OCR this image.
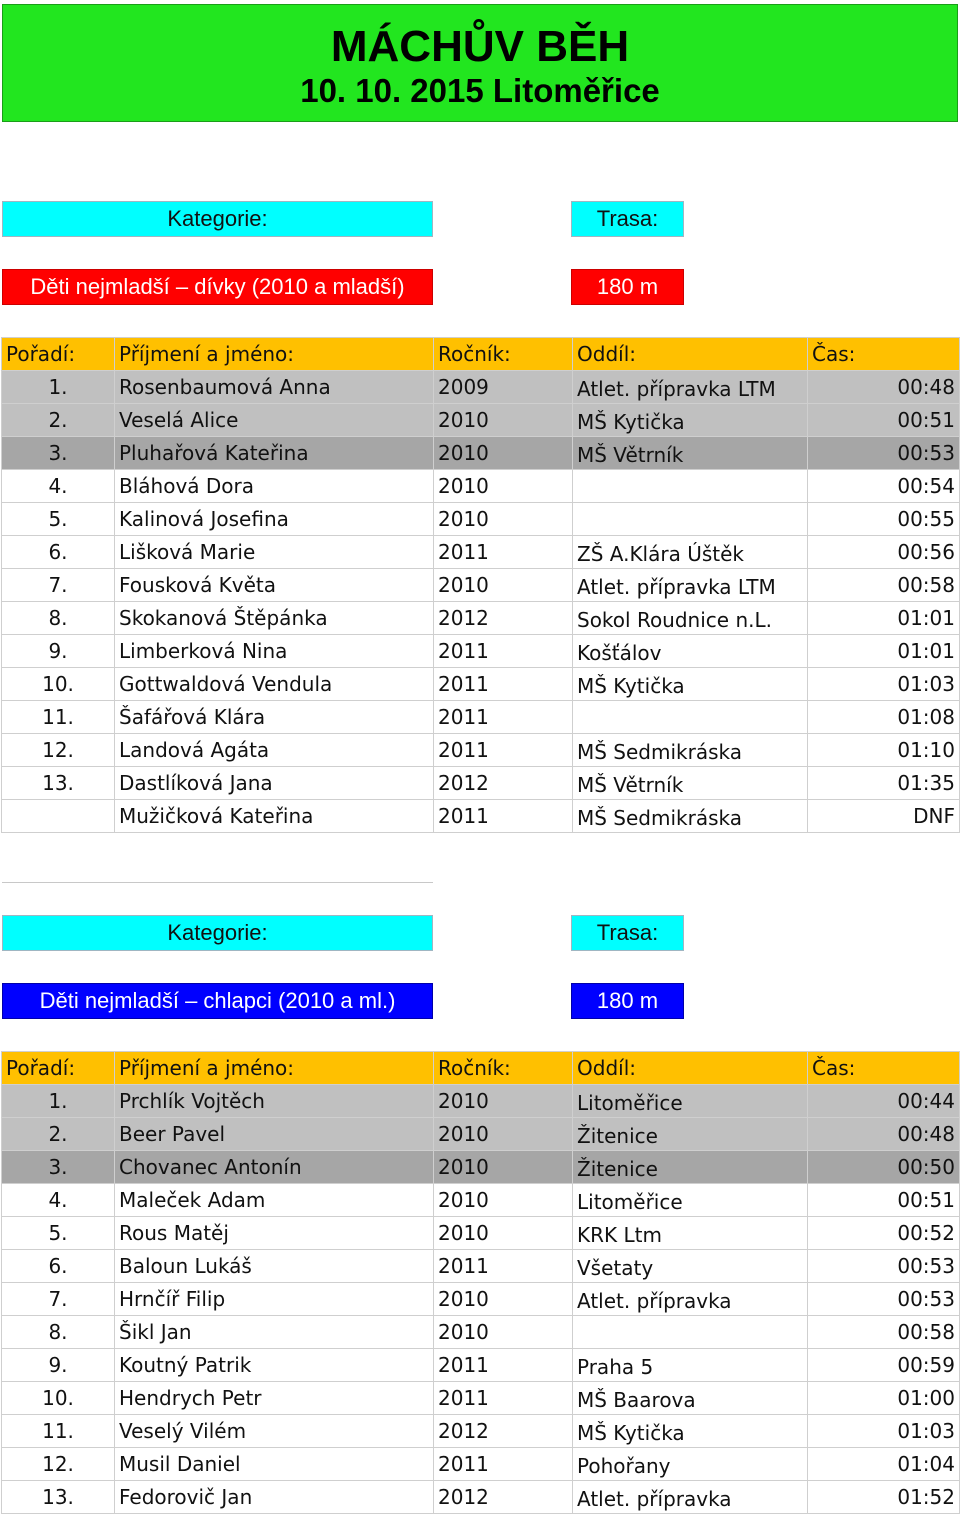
MÁCHŮV BĚH
10. 10. 2015 Litoměřice
Kategorie:	Trasa:
Děti nejmladší – dívky (2010 a mladší)	180 m
Pořadí:	Příjmení a jméno:	Ročník:	Oddíl:	Čas:
1.	Rosenbaumová Anna	2009	Atlet. přípravka LTM	00:48
2.	Veselá Alice	2010	MŠ Kytička	00:51
3.	Pluhařová Kateřina	2010	MŠ Větrník	00:53
4.	Bláhová Dora	2010		00:54
5.	Kalinová Josefina	2010		00:55
6.	Lišková Marie	2011	ZŠ A.Klára Úštěk	00:56
7.	Fousková Květa	2010	Atlet. přípravka LTM	00:58
8.	Skokanová Štěpánka	2012	Sokol Roudnice n.L.	01:01
9.	Limberková Nina	2011	Košťálov	01:01
10.	Gottwaldová Vendula	2011	MŠ Kytička	01:03
11.	Šafářová Klára	2011		01:08
12.	Landová Agáta	2011	MŠ Sedmikráska	01:10
13.	Dastlíková Jana	2012	MŠ Větrník	01:35
	Mužičková Kateřina	2011	MŠ Sedmikráska	DNF
Kategorie:	Trasa:
Děti nejmladší – chlapci (2010 a ml.)	180 m
Pořadí:	Příjmení a jméno:	Ročník:	Oddíl:	Čas:
1.	Prchlík Vojtěch	2010	Litoměřice	00:44
2.	Beer Pavel	2010	Žitenice	00:48
3.	Chovanec Antonín	2010	Žitenice	00:50
4.	Maleček Adam	2010	Litoměřice	00:51
5.	Rous Matěj	2010	KRK Ltm	00:52
6.	Baloun Lukáš	2011	Všetaty	00:53
7.	Hrnčíř Filip	2010	Atlet. přípravka	00:53
8.	Šikl Jan	2010		00:58
9.	Koutný Patrik	2011	Praha 5	00:59
10.	Hendrych Petr	2011	MŠ Baarova	01:00
11.	Veselý Vilém	2012	MŠ Kytička	01:03
12.	Musil Daniel	2011	Pohořany	01:04
13.	Fedorovič Jan	2012	Atlet. přípravka	01:52
